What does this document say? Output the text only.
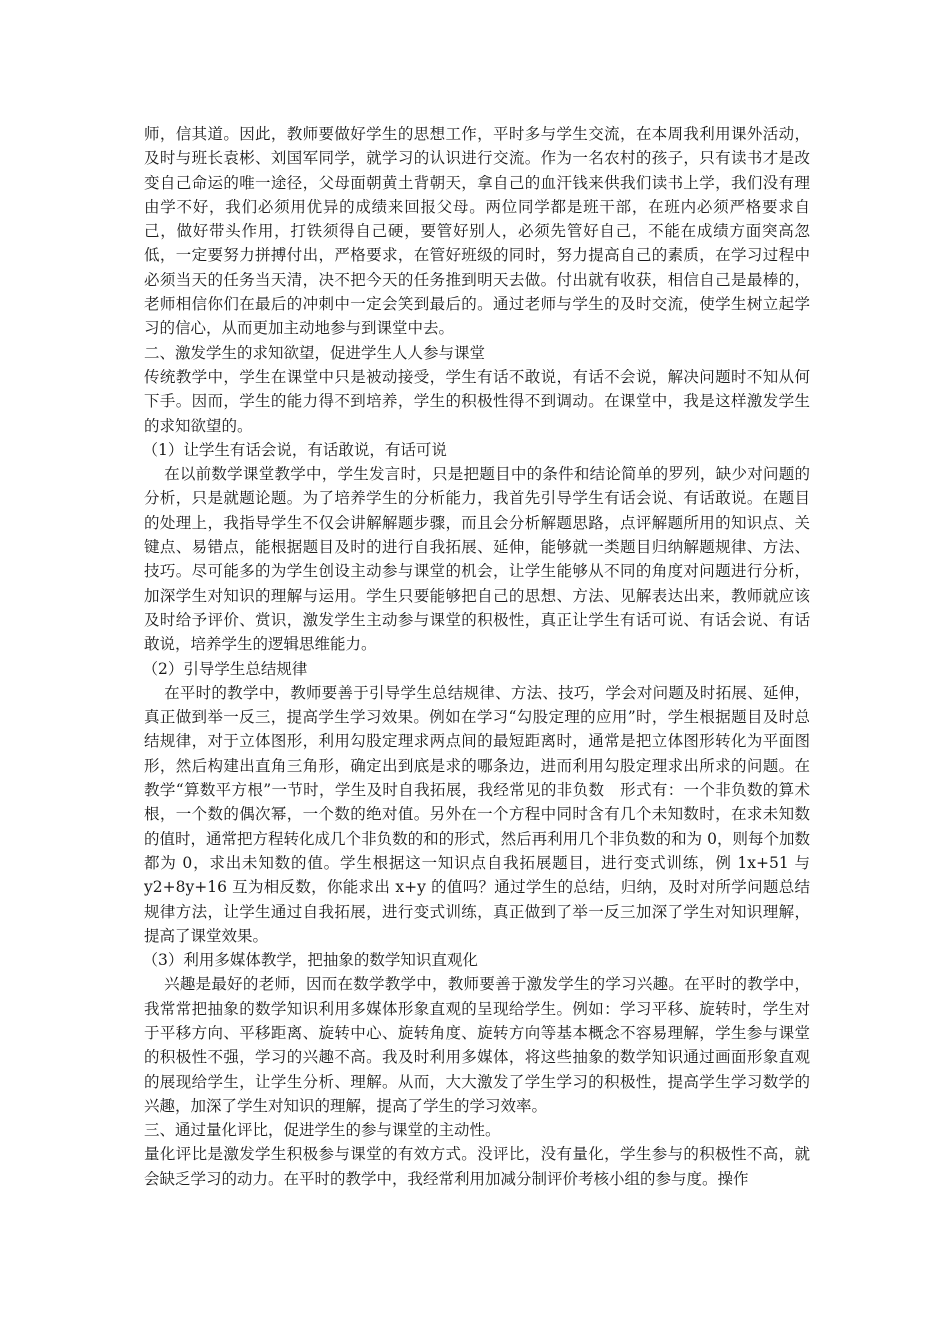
师，信其道。因此，教师要做好学生的思想工作，平时多与学生交流，在本周我利用课外活动，及时与班长袁彬、刘国军同学，就学习的认识进行交流。作为一名农村的孩子，只有读书才是改变自己命运的唯一途径，父母面朝黄土背朝天，拿自己的血汗钱来供我们读书上学，我们没有理由学不好，我们必须用优异的成绩来回报父母。两位同学都是班干部，在班内必须严格要求自己，做好带头作用，打铁须得自己硬，要管好别人，必须先管好自己，不能在成绩方面突高忽低，一定要努力拼搏付出，严格要求，在管好班级的同时，努力提高自己的素质，在学习过程中必须当天的任务当天清，决不把今天的任务推到明天去做。付出就有收获，相信自己是最棒的，老师相信你们在最后的冲刺中一定会笑到最后的。通过老师与学生的及时交流，使学生树立起学习的信心，从而更加主动地参与到课堂中去。

二、激发学生的求知欲望，促进学生人人参与课堂

传统教学中，学生在课堂中只是被动接受，学生有话不敢说，有话不会说，解决问题时不知从何下手。因而，学生的能力得不到培养，学生的积极性得不到调动。在课堂中，我是这样激发学生的求知欲望的。

（1）让学生有话会说，有话敢说，有话可说

在以前数学课堂教学中，学生发言时，只是把题目中的条件和结论简单的罗列，缺少对问题的分析，只是就题论题。为了培养学生的分析能力，我首先引导学生有话会说、有话敢说。在题目的处理上，我指导学生不仅会讲解解题步骤，而且会分析解题思路，点评解题所用的知识点、关键点、易错点，能根据题目及时的进行自我拓展、延伸，能够就一类题目归纳解题规律、方法、技巧。尽可能多的为学生创设主动参与课堂的机会，让学生能够从不同的角度对问题进行分析，加深学生对知识的理解与运用。学生只要能够把自己的思想、方法、见解表达出来，教师就应该及时给予评价、赏识，激发学生主动参与课堂的积极性，真正让学生有话可说、有话会说、有话敢说，培养学生的逻辑思维能力。

（2）引导学生总结规律

在平时的教学中，教师要善于引导学生总结规律、方法、技巧，学会对问题及时拓展、延伸，真正做到举一反三，提高学生学习效果。例如在学习“勾股定理的应用”时，学生根据题目及时总结规律，对于立体图形，利用勾股定理求两点间的最短距离时，通常是把立体图形转化为平面图形，然后构建出直角三角形，确定出到底是求的哪条边，进而利用勾股定理求出所求的问题。在教学“算数平方根”一节时，学生及时自我拓展，我经常见的非负数　形式有：一个非负数的算术根，一个数的偶次幂，一个数的绝对值。另外在一个方程中同时含有几个未知数时，在求未知数的值时，通常把方程转化成几个非负数的和的形式，然后再利用几个非负数的和为 0，则每个加数都为 0，求出未知数的值。学生根据这一知识点自我拓展题目，进行变式训练，例 1x+51 与 y2+8y+16 互为相反数，你能求出 x+y 的值吗？通过学生的总结，归纳，及时对所学问题总结规律方法，让学生通过自我拓展，进行变式训练，真正做到了举一反三加深了学生对知识理解，提高了课堂效果。

（3）利用多媒体教学，把抽象的数学知识直观化

兴趣是最好的老师，因而在数学教学中，教师要善于激发学生的学习兴趣。在平时的教学中，我常常把抽象的数学知识利用多媒体形象直观的呈现给学生。例如：学习平移、旋转时，学生对于平移方向、平移距离、旋转中心、旋转角度、旋转方向等基本概念不容易理解，学生参与课堂的积极性不强，学习的兴趣不高。我及时利用多媒体，将这些抽象的数学知识通过画面形象直观的展现给学生，让学生分析、理解。从而，大大激发了学生学习的积极性，提高学生学习数学的兴趣，加深了学生对知识的理解，提高了学生的学习效率。

三、通过量化评比，促进学生的参与课堂的主动性。

量化评比是激发学生积极参与课堂的有效方式。没评比，没有量化，学生参与的积极性不高，就会缺乏学习的动力。在平时的教学中，我经常利用加减分制评价考核小组的参与度。操作
